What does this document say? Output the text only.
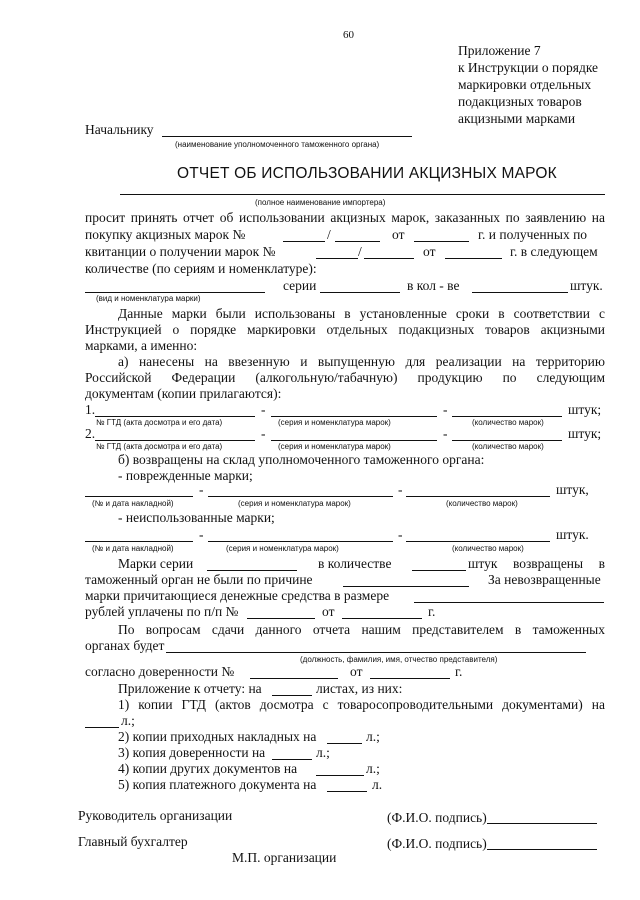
60
Приложение 7
к Инструкции о порядке
маркировки отдельных
подакцизных товаров
акцизными марками
Начальнику
(наименование уполномоченного таможенного органа)
ОТЧЕТ ОБ ИСПОЛЬЗОВАНИИ АКЦИЗНЫХ МАРОК
(полное наименование импортера)
просит принять отчет об использовании акцизных марок, заказанных по заявлению на
покупку акцизных марок №	/	от	г. и полученных по
квитанции о получении марок №	/	от	г. в следующем
количестве (по сериям и номенклатуре):
серии	в кол - ве	штук.
(вид и номенклатура марки)
Данные марки были использованы в установленные сроки в соответствии с
Инструкцией о порядке маркировки отдельных подакцизных товаров акцизными
марками, а именно:
а) нанесены на ввезенную и выпущенную для реализации на территорию
Российской Федерации (алкогольную/табачную) продукцию по следующим
документам (копии прилагаются):
1.	-	-	штук;
№ ГТД (акта досмотра и его дата)	(серия и номенклатура марок)	(количество марок)
2.	-	-	штук;
№ ГТД (акта досмотра и его дата)	(серия и номенклатура марок)	(количество марок)
б) возвращены на склад уполномоченного таможенного органа:
- поврежденные марки;
-	-	штук,
(№ и дата накладной)	(серия и номенклатура марок)	(количество марок)
- неиспользованные марки;
-	-	штук.
(№ и дата накладной)	(серия и номенклатура марок)	(количество марок)
Марки серии	в количестве	штук возвращены в
таможенный орган не были по причине	За невозвращенные
марки причитающиеся денежные средства в размере
рублей уплачены по п/п №	от	г.
По вопросам сдачи данного отчета нашим представителем в таможенных
органах будет
(должность, фамилия, имя, отчество представителя)
согласно доверенности №	от	г.
Приложение к отчету: на	листах, из них:
1) копии ГТД (актов досмотра с товаросопроводительными документами) на
л.;
2) копии приходных накладных на	л.;
3) копия доверенности на	л.;
4) копии других документов на	л.;
5) копия платежного документа на	л.
Руководитель организации	(Ф.И.О. подпись)
Главный бухгалтер	(Ф.И.О. подпись)
М.П. организации
